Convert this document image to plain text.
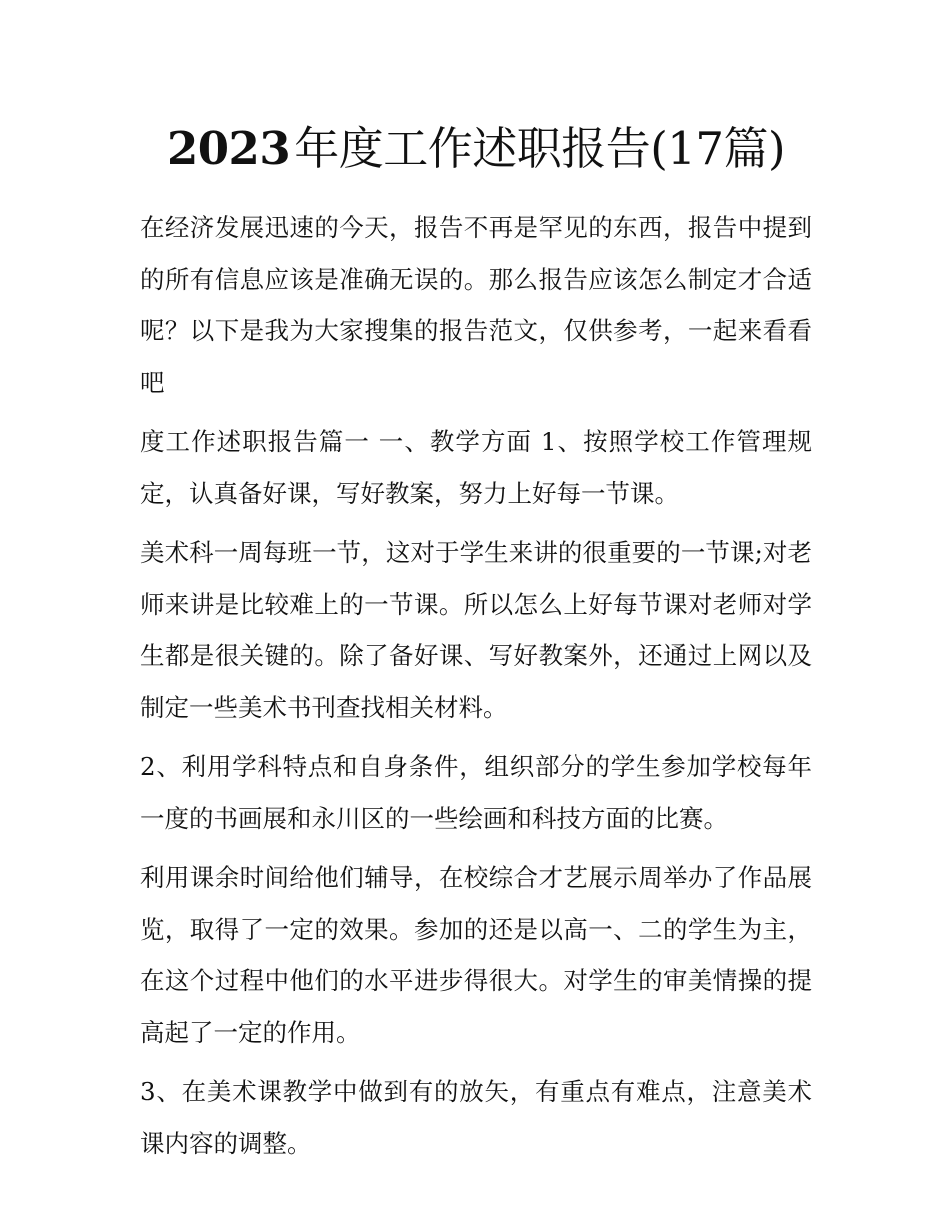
2023年度工作述职报告(17篇)

在经济发展迅速的今天，报告不再是罕见的东西，报告中提到的所有信息应该是准确无误的。那么报告应该怎么制定才合适呢？以下是我为大家搜集的报告范文，仅供参考，一起来看看吧

度工作述职报告篇一 一、教学方面 1、按照学校工作管理规定，认真备好课，写好教案，努力上好每一节课。

美术科一周每班一节，这对于学生来讲的很重要的一节课;对老师来讲是比较难上的一节课。所以怎么上好每节课对老师对学生都是很关键的。除了备好课、写好教案外，还通过上网以及制定一些美术书刊查找相关材料。

2、利用学科特点和自身条件，组织部分的学生参加学校每年一度的书画展和永川区的一些绘画和科技方面的比赛。

利用课余时间给他们辅导，在校综合才艺展示周举办了作品展览，取得了一定的效果。参加的还是以高一、二的学生为主，在这个过程中他们的水平进步得很大。对学生的审美情操的提高起了一定的作用。

3、在美术课教学中做到有的放矢，有重点有难点，注意美术课内容的调整。
